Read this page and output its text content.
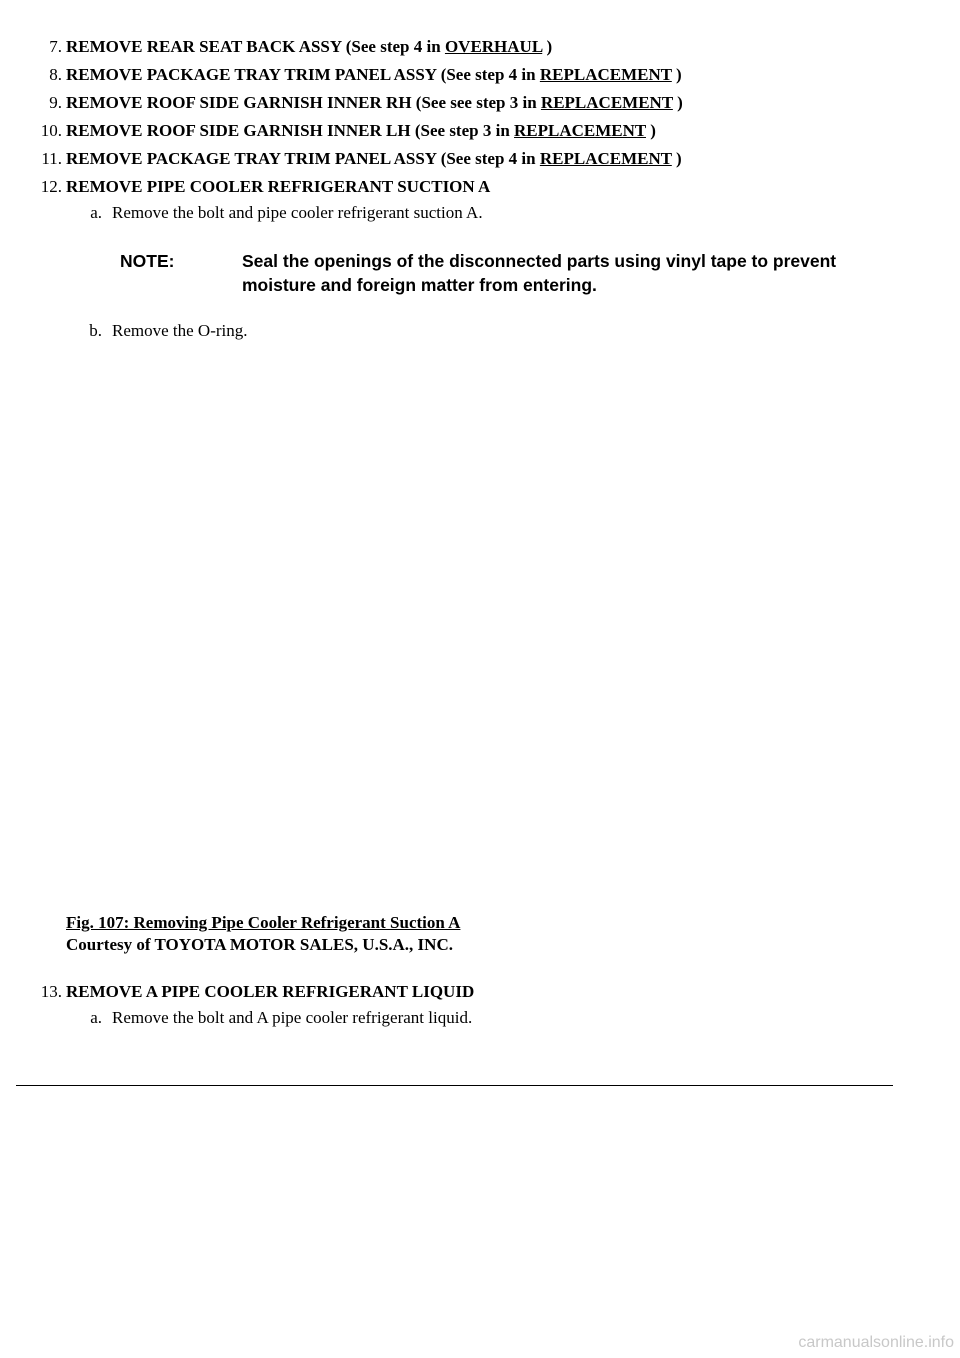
7. REMOVE REAR SEAT BACK ASSY (See step 4 in OVERHAUL )
8. REMOVE PACKAGE TRAY TRIM PANEL ASSY (See step 4 in REPLACEMENT )
9. REMOVE ROOF SIDE GARNISH INNER RH (See see step 3 in REPLACEMENT )
10. REMOVE ROOF SIDE GARNISH INNER LH (See step 3 in REPLACEMENT )
11. REMOVE PACKAGE TRAY TRIM PANEL ASSY (See step 4 in REPLACEMENT )
12. REMOVE PIPE COOLER REFRIGERANT SUCTION A
a. Remove the bolt and pipe cooler refrigerant suction A.
NOTE:	Seal the openings of the disconnected parts using vinyl tape to prevent moisture and foreign matter from entering.
b. Remove the O-ring.
Fig. 107: Removing Pipe Cooler Refrigerant Suction A
Courtesy of TOYOTA MOTOR SALES, U.S.A., INC.
13. REMOVE A PIPE COOLER REFRIGERANT LIQUID
a. Remove the bolt and A pipe cooler refrigerant liquid.
carmanualsonline.info
